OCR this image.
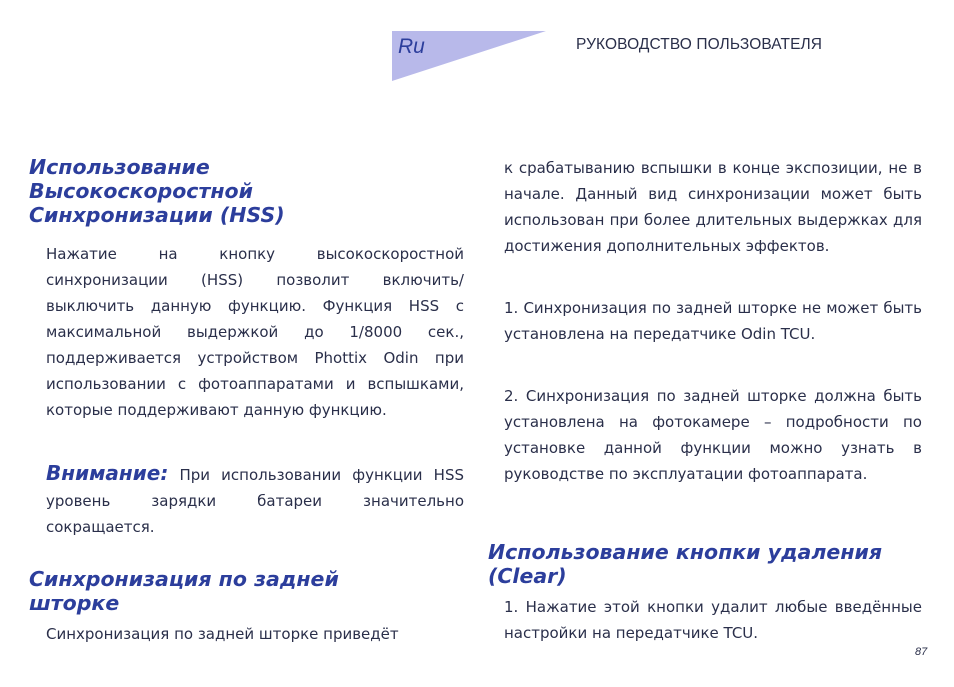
Ru	РУКОВОДСТВО ПОЛЬЗОВАТЕЛЯ
Использование Высокоскоростной Синхронизации (HSS)

Нажатие на кнопку высокоскоростной синхронизации (HSS) позволит включить/выключить данную функцию. Функция HSS с максимальной выдержкой до 1/8000 сек., поддерживается устройством Phottix Odin при использовании с фотоаппаратами и вспышками, которые поддерживают данную функцию.

Внимание: При использовании функции HSS уровень зарядки батареи значительно сокращается.

Синхронизация по задней шторке

Синхронизация по задней шторке приведёт

к срабатыванию вспышки в конце экспозиции, не в начале. Данный вид синхронизации может быть использован при более длительных выдержках для достижения дополнительных эффектов.

1. Синхронизация по задней шторке не может быть установлена на передатчике Odin TCU.

2. Синхронизация по задней шторке должна быть установлена на фотокамере – подробности по установке данной функции можно узнать в руководстве по эксплуатации фотоаппарата.

Использование кнопки удаления (Clear)

1. Нажатие этой кнопки удалит любые введённые настройки на передатчике TCU.

87
